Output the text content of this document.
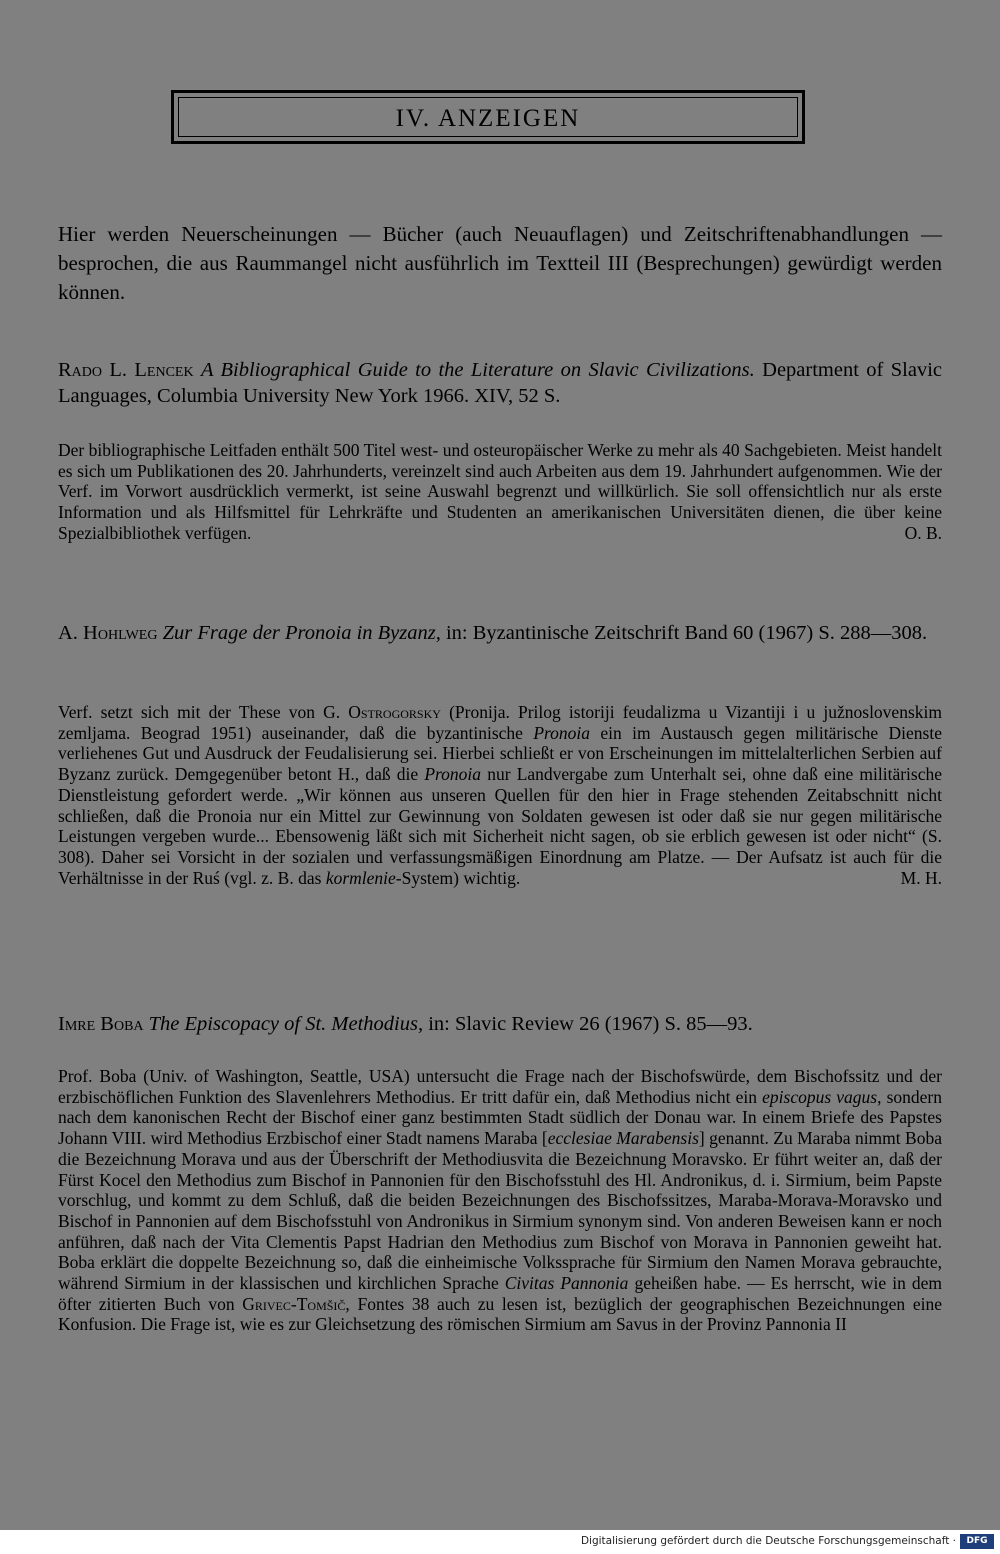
IV. ANZEIGEN
Hier werden Neuerscheinungen — Bücher (auch Neuauflagen) und Zeitschriftenabhandlungen — besprochen, die aus Raummangel nicht ausführlich im Textteil III (Besprechungen) gewürdigt werden können.
Rado L. Lencek A Bibliographical Guide to the Literature on Slavic Civilizations. Department of Slavic Languages, Columbia University New York 1966. XIV, 52 S.
Der bibliographische Leitfaden enthält 500 Titel west- und osteuropäischer Werke zu mehr als 40 Sachgebieten. Meist handelt es sich um Publikationen des 20. Jahrhunderts, vereinzelt sind auch Arbeiten aus dem 19. Jahrhundert aufgenommen. Wie der Verf. im Vorwort ausdrücklich vermerkt, ist seine Auswahl begrenzt und willkürlich. Sie soll offensichtlich nur als erste Information und als Hilfsmittel für Lehrkräfte und Studenten an amerikanischen Universitäten dienen, die über keine Spezialbibliothek verfügen.	O. B.
A. Hohlweg Zur Frage der Pronoia in Byzanz, in: Byzantinische Zeitschrift Band 60 (1967) S. 288—308.
Verf. setzt sich mit der These von G. Ostrogorsky (Pronija. Prilog istoriji feudalizma u Vizantiji i u južnoslovenskim zemljama. Beograd 1951) auseinander, daß die byzantinische Pronoia ein im Austausch gegen militärische Dienste verliehenes Gut und Ausdruck der Feudalisierung sei. Hierbei schließt er von Erscheinungen im mittelalterlichen Serbien auf Byzanz zurück. Demgegenüber betont H., daß die Pronoia nur Landvergabe zum Unterhalt sei, ohne daß eine militärische Dienstleistung gefordert werde. „Wir können aus unseren Quellen für den hier in Frage stehenden Zeitabschnitt nicht schließen, daß die Pronoia nur ein Mittel zur Gewinnung von Soldaten gewesen ist oder daß sie nur gegen militärische Leistungen vergeben wurde... Ebensowenig läßt sich mit Sicherheit nicht sagen, ob sie erblich gewesen ist oder nicht“ (S. 308). Daher sei Vorsicht in der sozialen und verfassungsmäßigen Einordnung am Platze. — Der Aufsatz ist auch für die Verhältnisse in der Ruś (vgl. z. B. das kormlenie-System) wichtig.	M. H.
Imre Boba The Episcopacy of St. Methodius, in: Slavic Review 26 (1967) S. 85—93.
Prof. Boba (Univ. of Washington, Seattle, USA) untersucht die Frage nach der Bischofswürde, dem Bischofssitz und der erzbischöflichen Funktion des Slavenlehrers Methodius. Er tritt dafür ein, daß Methodius nicht ein episcopus vagus, sondern nach dem kanonischen Recht der Bischof einer ganz bestimmten Stadt südlich der Donau war. In einem Briefe des Papstes Johann VIII. wird Methodius Erzbischof einer Stadt namens Maraba [ecclesiae Marabensis] genannt. Zu Maraba nimmt Boba die Bezeichnung Morava und aus der Überschrift der Methodiusvita die Bezeichnung Moravsko. Er führt weiter an, daß der Fürst Kocel den Methodius zum Bischof in Pannonien für den Bischofsstuhl des Hl. Andronikus, d. i. Sirmium, beim Papste vorschlug, und kommt zu dem Schluß, daß die beiden Bezeichnungen des Bischofssitzes, Maraba-Morava-Moravsko und Bischof in Pannonien auf dem Bischofsstuhl von Andronikus in Sirmium synonym sind. Von anderen Beweisen kann er noch anführen, daß nach der Vita Clementis Papst Hadrian den Methodius zum Bischof von Morava in Pannonien geweiht hat. Boba erklärt die doppelte Bezeichnung so, daß die einheimische Volkssprache für Sirmium den Namen Morava gebrauchte, während Sirmium in der klassischen und kirchlichen Sprache Civitas Pannonia geheißen habe. — Es herrscht, wie in dem öfter zitierten Buch von Grivec-Tomšič, Fontes 38 auch zu lesen ist, bezüglich der geographischen Bezeichnungen eine Konfusion. Die Frage ist, wie es zur Gleichsetzung des römischen Sirmium am Savus in der Provinz Pannonia II
Digitalisierung gefördert durch die Deutsche Forschungsgemeinschaft ·	DFG
